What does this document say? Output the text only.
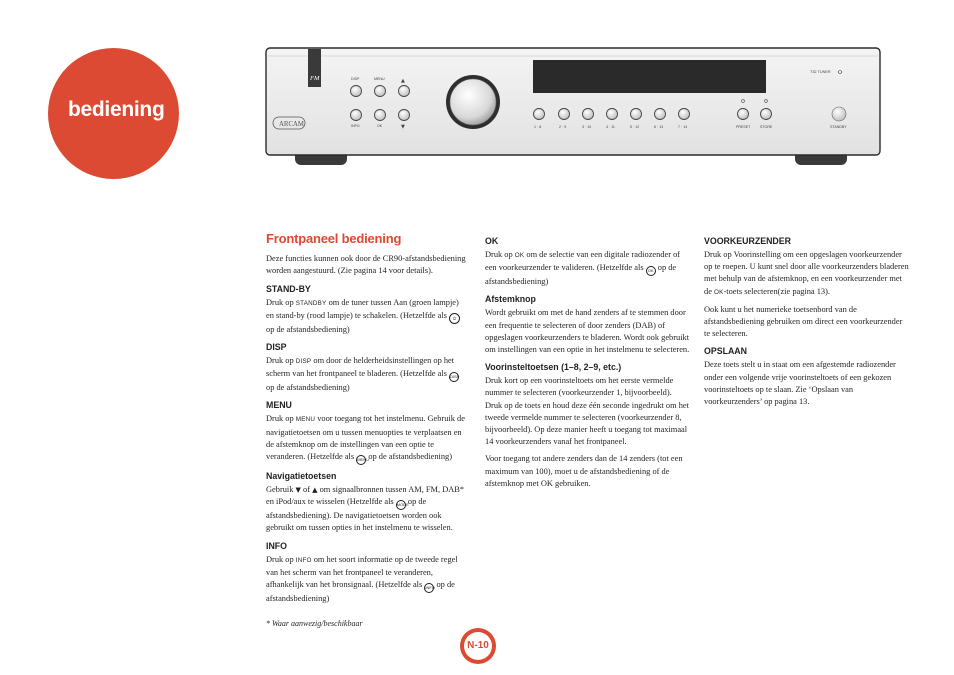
bediening
FM
ARCAM
DISP	MENU	▲
INFO	OK	▼
T32 TUNER
1 · 8	2 · 9	3 · 10	4 · 11	5 · 12	6 · 13	7 · 14	PRESET	STORE	STANDBY
Frontpaneel bediening

Deze functies kunnen ook door de CR90-afstandsbediening worden aangestuurd. (Zie pagina 14 voor details).

STAND-BY

Druk op STANDBY om de tuner tussen Aan (groen lampje) en stand-by (rood lampje) te schakelen. (Hetzelfde als ⏻ op de afstandsbediening)

DISP

Druk op DISP om door de helderheidsinstellingen op het scherm van het frontpaneel te bladeren. (Hetzelfde als DISP op de afstandsbediening)

MENU

Druk op MENU voor toegang tot het instelmenu. Gebruik de navigatietoetsen om u tussen menuopties te verplaatsen en de afstemknop om de instellingen van een optie te veranderen. (Hetzelfde als MENU op de afstandsbediening)

Navigatietoetsen

Gebruik ▼ of ▲ om signaalbronnen tussen AM, FM, DAB* en iPod/aux te wisselen (Hetzelfde als MODE op de afstandsbediening). De navigatietoetsen worden ook gebruikt om tussen opties in het instelmenu te wisselen.

INFO

Druk op INFO om het soort informatie op de tweede regel van het scherm van het frontpaneel te veranderen, afhankelijk van het bronsignaal. (Hetzelfde als INFO op de afstandsbediening)

OK

Druk op OK om de selectie van een digitale radiozender of een voorkeurzender te valideren. (Hetzelfde als OK op de afstandsbediening)

Afstemknop

Wordt gebruikt om met de hand zenders af te stemmen door een frequentie te selecteren of door zenders (DAB) of opgeslagen voorkeurzenders te bladeren. Wordt ook gebruikt om instellingen van een optie in het instelmenu te selecteren.

Voorinsteltoetsen (1–8, 2–9, etc.)

Druk kort op een voorinsteltoets om het eerste vermelde nummer te selecteren (voorkeurzender 1, bijvoorbeeld). Druk op de toets en houd deze één seconde ingedrukt om het tweede vermelde nummer te selecteren (voorkeurzender 8, bijvoorbeeld). Op deze manier heeft u toegang tot maximaal 14 voorkeurzenders vanaf het frontpaneel.

Voor toegang tot andere zenders dan de 14 zenders (tot een maximum van 100), moet u de afstandsbediening of de afstemknop met OK gebruiken.

VOORKEURZENDER

Druk op Voorinstelling om een opgeslagen voorkeurzender op te roepen. U kunt snel door alle voorkeurzenders bladeren met behulp van de afstemknop, en een voorkeurzender met de OK-toets selecteren(zie pagina 13).

Ook kunt u het numerieke toetsenbord van de afstandsbediening gebruiken om direct een voorkeurzender te selecteren.

OPSLAAN

Deze toets stelt u in staat om een afgestemde radiozender onder een volgende vrije voorinsteltoets of een gekozen voorinsteltoets op te slaan. Zie ‘Opslaan van voorkeurzenders’ op pagina 13.

* Waar aanwezig/beschikbaar
N-10
